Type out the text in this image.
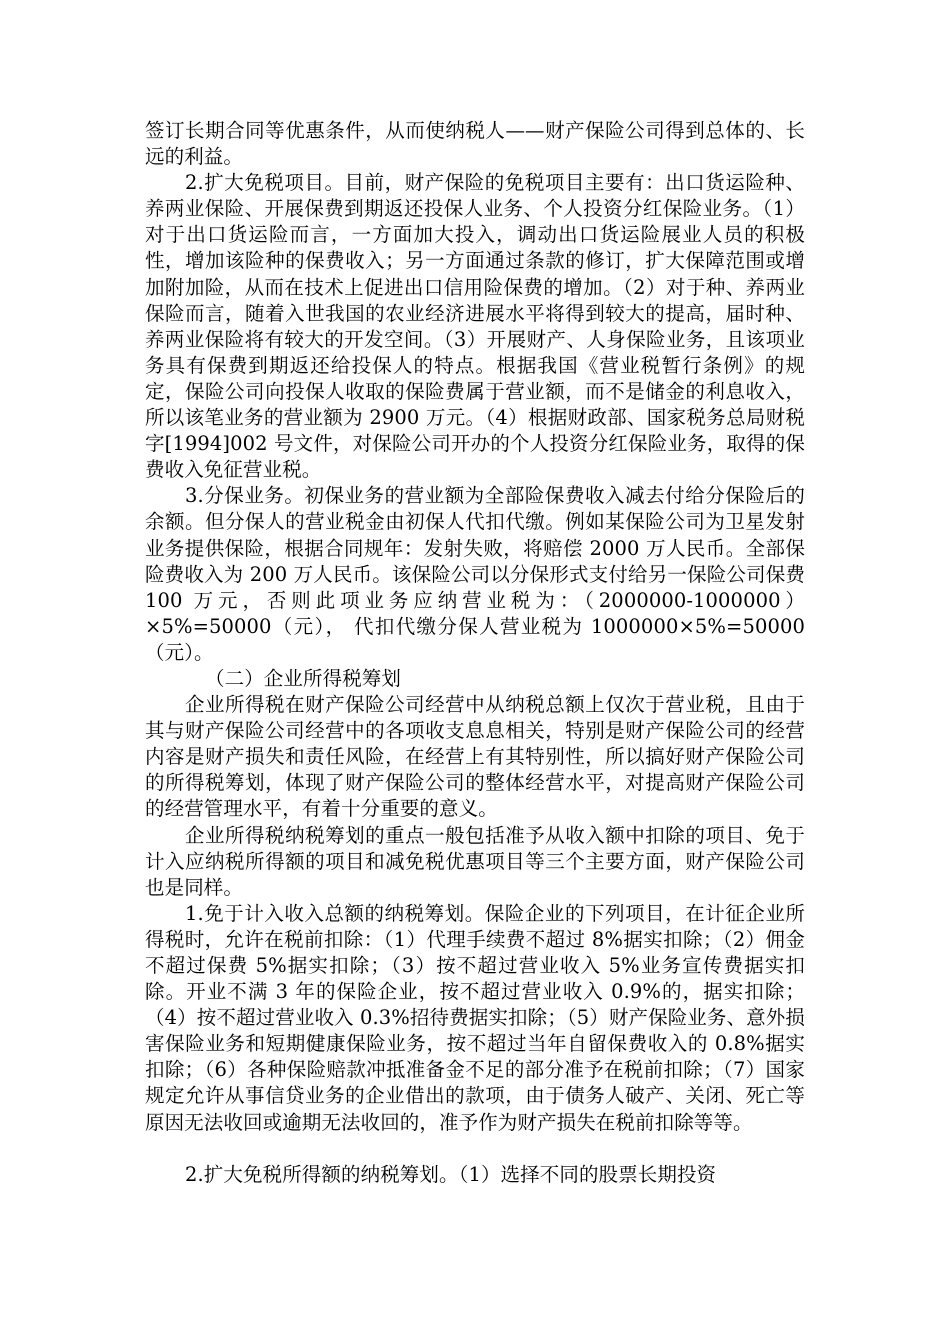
签订长期合同等优惠条件，从而使纳税人——财产保险公司得到总体的、长远的利益。

2.扩大免税项目。目前，财产保险的免税项目主要有：出口货运险种、养两业保险、开展保费到期返还投保人业务、个人投资分红保险业务。（1）对于出口货运险而言，一方面加大投入，调动出口货运险展业人员的积极性，增加该险种的保费收入；另一方面通过条款的修订，扩大保障范围或增加附加险，从而在技术上促进出口信用险保费的增加。（2）对于种、养两业保险而言，随着入世我国的农业经济进展水平将得到较大的提高，届时种、养两业保险将有较大的开发空间。（3）开展财产、人身保险业务，且该项业务具有保费到期返还给投保人的特点。根据我国《营业税暂行条例》的规定，保险公司向投保人收取的保险费属于营业额，而不是储金的利息收入，所以该笔业务的营业额为 2900 万元。（4）根据财政部、国家税务总局财税字[1994]002 号文件，对保险公司开办的个人投资分红保险业务，取得的保费收入免征营业税。

3.分保业务。初保业务的营业额为全部险保费收入减去付给分保险后的余额。但分保人的营业税金由初保人代扣代缴。例如某保险公司为卫星发射业务提供保险，根据合同规年：发射失败，将赔偿 2000 万人民币。全部保险费收入为 200 万人民币。该保险公司以分保形式支付给另一保险公司保费 100 万元，否则此项业务应纳营业税为：（2000000-1000000）×5%=50000（元）， 代扣代缴分保人营业税为 1000000×5%=50000（元）。

（二）企业所得税筹划

企业所得税在财产保险公司经营中从纳税总额上仅次于营业税，且由于其与财产保险公司经营中的各项收支息息相关，特别是财产保险公司的经营内容是财产损失和责任风险，在经营上有其特别性，所以搞好财产保险公司的所得税筹划，体现了财产保险公司的整体经营水平，对提高财产保险公司的经营管理水平，有着十分重要的意义。

企业所得税纳税筹划的重点一般包括准予从收入额中扣除的项目、免于计入应纳税所得额的项目和减免税优惠项目等三个主要方面，财产保险公司也是同样。

1.免于计入收入总额的纳税筹划。保险企业的下列项目，在计征企业所得税时，允许在税前扣除：（1）代理手续费不超过 8%据实扣除；（2）佣金不超过保费 5%据实扣除；（3）按不超过营业收入 5%业务宣传费据实扣除。开业不满 3 年的保险企业，按不超过营业收入 0.9%的，据实扣除；（4）按不超过营业收入 0.3%招待费据实扣除；（5）财产保险业务、意外损害保险业务和短期健康保险业务，按不超过当年自留保费收入的 0.8%据实扣除；（6）各种保险赔款冲抵准备金不足的部分准予在税前扣除；（7）国家规定允许从事信贷业务的企业借出的款项，由于债务人破产、关闭、死亡等原因无法收回或逾期无法收回的，准予作为财产损失在税前扣除等等。

2.扩大免税所得额的纳税筹划。（1）选择不同的股票长期投资
